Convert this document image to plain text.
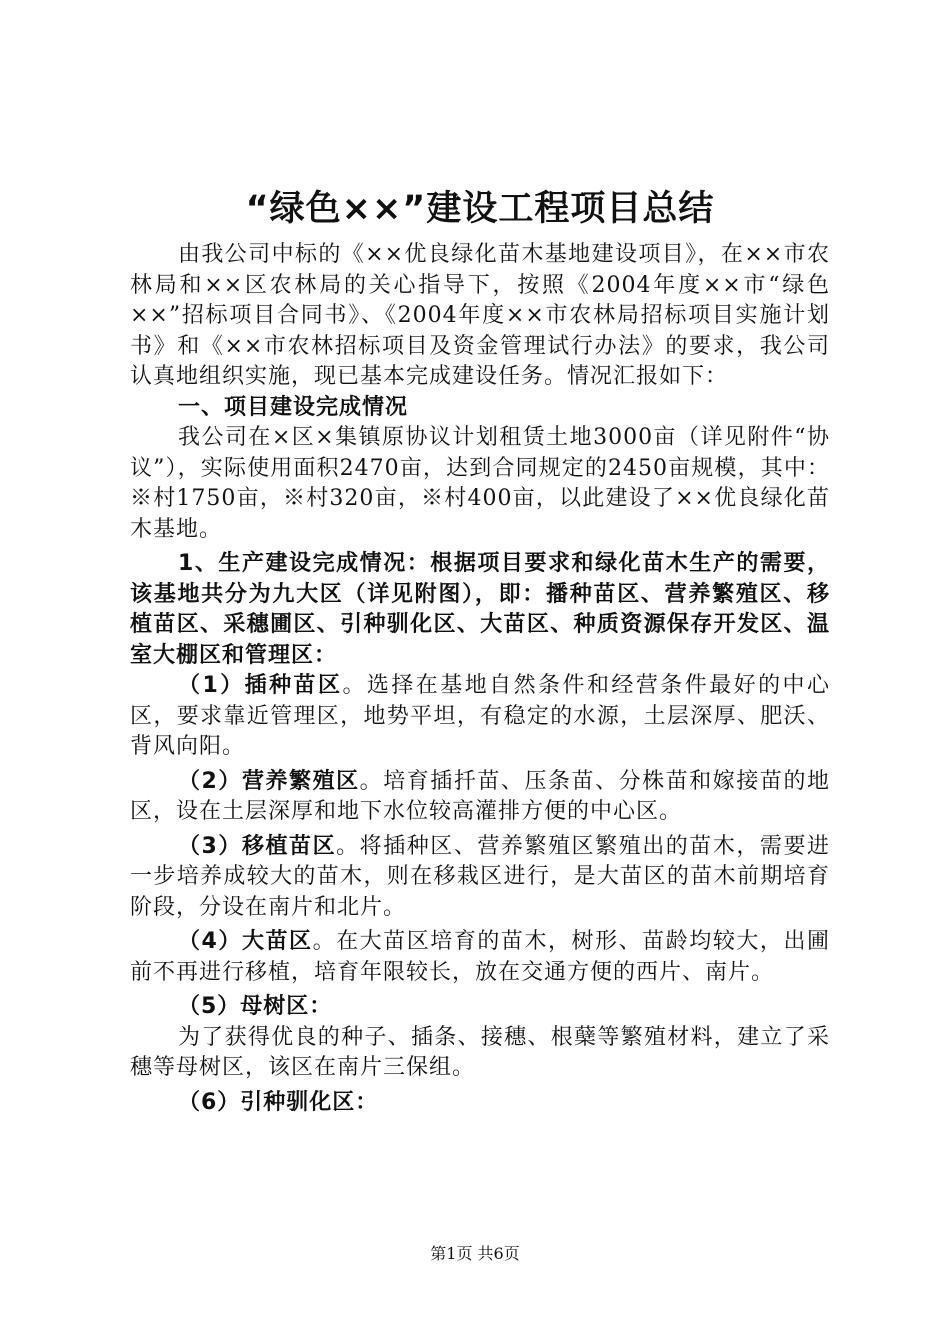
“绿色××”建设工程项目总结

由我公司中标的《××优良绿化苗木基地建设项目》，在××市农林局和××区农林局的关心指导下，按照《2004年度××市“绿色××”招标项目合同书》、《2004年度××市农林局招标项目实施计划书》和《××市农林招标项目及资金管理试行办法》的要求，我公司认真地组织实施，现已基本完成建设任务。情况汇报如下：

一、项目建设完成情况

我公司在×区×集镇原协议计划租赁土地3000亩（详见附件“协议”），实际使用面积2470亩，达到合同规定的2450亩规模，其中：※村1750亩，※村320亩，※村400亩，以此建设了××优良绿化苗木基地。

1、生产建设完成情况：根据项目要求和绿化苗木生产的需要，该基地共分为九大区（详见附图），即：播种苗区、营养繁殖区、移植苗区、采穗圃区、引种驯化区、大苗区、种质资源保存开发区、温室大棚区和管理区：

（1）插种苗区。选择在基地自然条件和经营条件最好的中心区，要求靠近管理区，地势平坦，有稳定的水源，土层深厚、肥沃、背风向阳。

（2）营养繁殖区。培育插扦苗、压条苗、分株苗和嫁接苗的地区，设在土层深厚和地下水位较高灌排方便的中心区。

（3）移植苗区。将插种区、营养繁殖区繁殖出的苗木，需要进一步培养成较大的苗木，则在移栽区进行，是大苗区的苗木前期培育阶段，分设在南片和北片。

（4）大苗区。在大苗区培育的苗木，树形、苗龄均较大，出圃前不再进行移植，培育年限较长，放在交通方便的西片、南片。

（5）母树区：

为了获得优良的种子、插条、接穗、根蘖等繁殖材料，建立了采穗等母树区，该区在南片三保组。

（6）引种驯化区：

第1页 共6页
